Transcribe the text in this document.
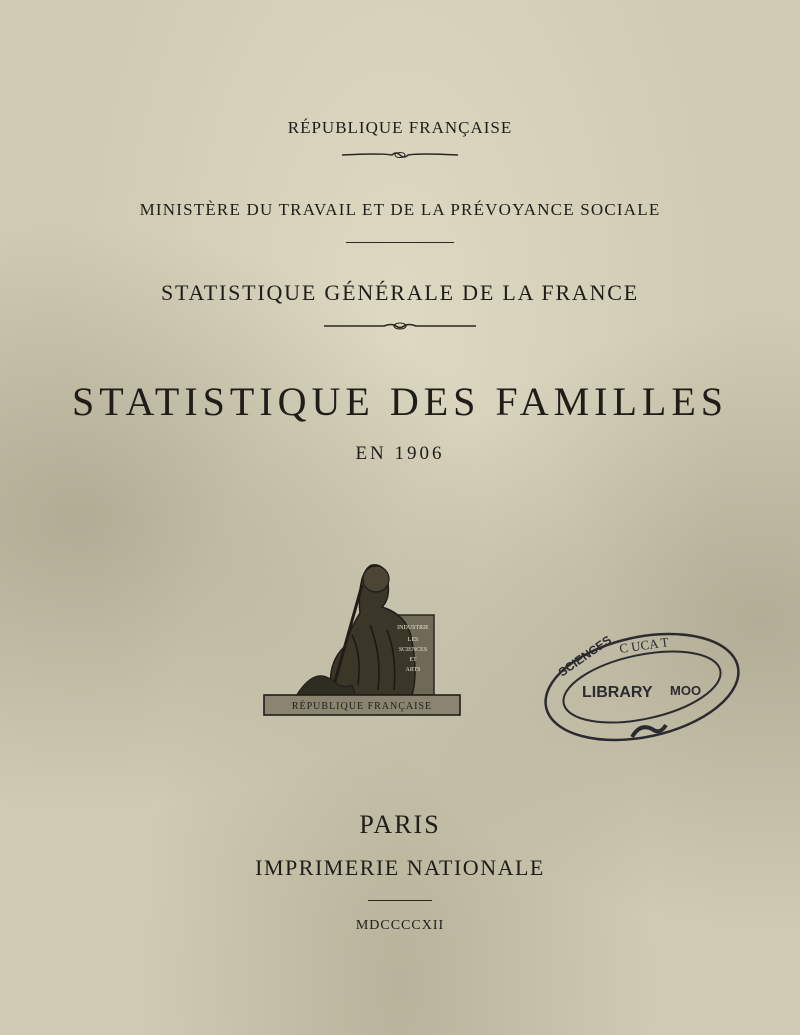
RÉPUBLIQUE FRANÇAISE
MINISTÈRE DU TRAVAIL ET DE LA PRÉVOYANCE SOCIALE
STATISTIQUE GÉNÉRALE DE LA FRANCE
STATISTIQUE DES FAMILLES
EN 1906
RÉPUBLIQUE FRANÇAISE
INDUSTRIE
LES
SCIENCES
ET
ARTS
C UCA T
SCIENCES
LIBRARY MOO
PARIS
IMPRIMERIE NATIONALE
MDCCCCXII
